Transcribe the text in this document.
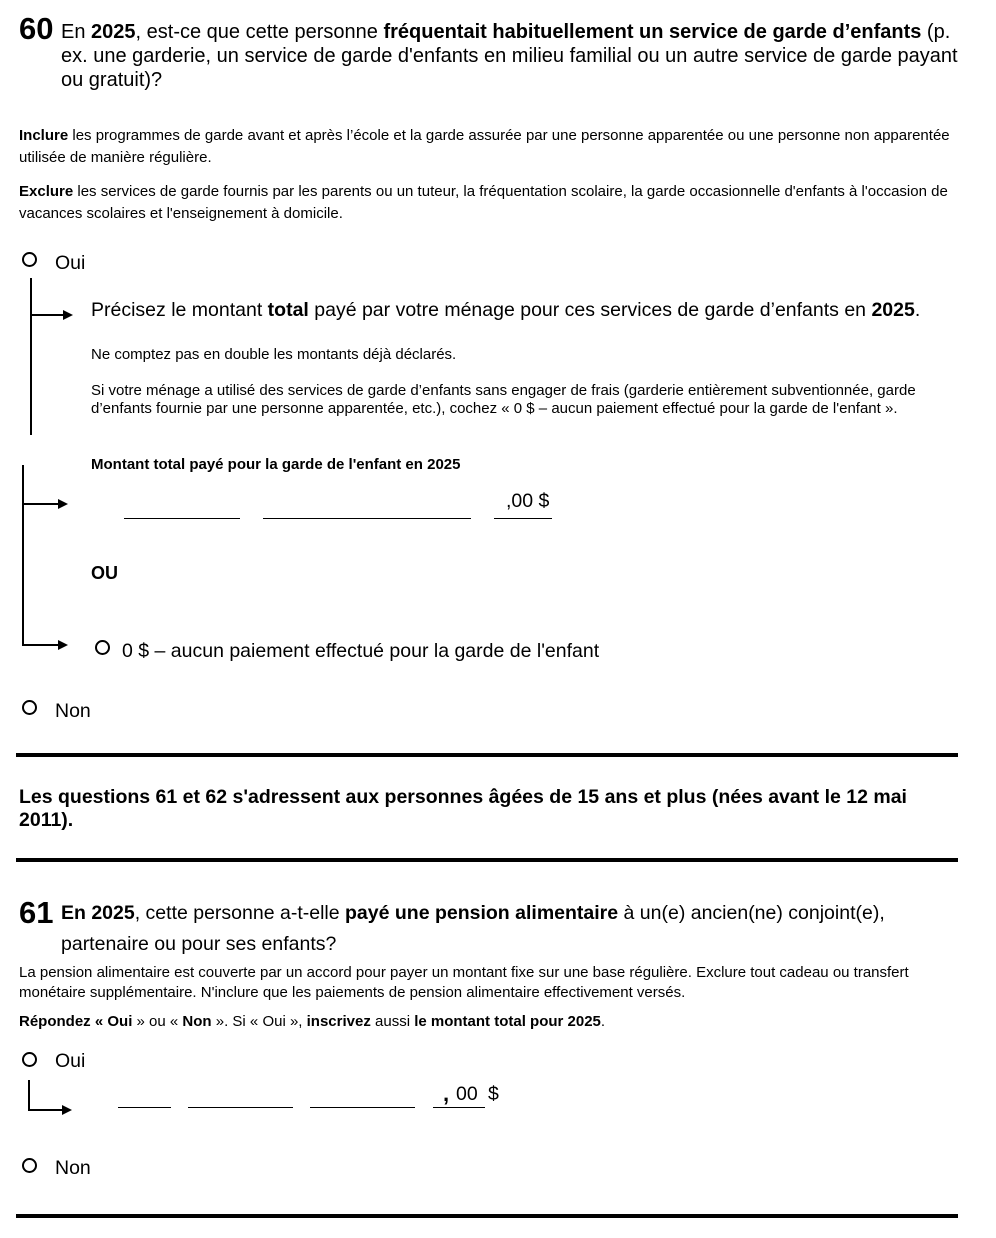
60 En 2025, est-ce que cette personne fréquentait habituellement un service de garde d’enfants (p. ex. une garderie, un service de garde d'enfants en milieu familial ou un autre service de garde payant ou gratuit)?
Inclure les programmes de garde avant et après l’école et la garde assurée par une personne apparentée ou une personne non apparentée utilisée de manière régulière.
Exclure les services de garde fournis par les parents ou un tuteur, la fréquentation scolaire, la garde occasionnelle d'enfants à l'occasion de vacances scolaires et l'enseignement à domicile.
Oui
Précisez le montant total payé par votre ménage pour ces services de garde d’enfants en 2025.
Ne comptez pas en double les montants déjà déclarés.
Si votre ménage a utilisé des services de garde d’enfants sans engager de frais (garderie entièrement subventionnée, garde d’enfants fournie par une personne apparentée, etc.), cochez « 0 $ – aucun paiement effectué pour la garde de l'enfant ».
Montant total payé pour la garde de l'enfant en 2025
,00 $
OU
0 $ – aucun paiement effectué pour la garde de l'enfant
Non
Les questions 61 et 62 s'adressent aux personnes âgées de 15 ans et plus (nées avant le 12 mai 2011).
61 En 2025, cette personne a-t-elle payé une pension alimentaire à un(e) ancien(ne) conjoint(e), partenaire ou pour ses enfants?
La pension alimentaire est couverte par un accord pour payer un montant fixe sur une base régulière. Exclure tout cadeau ou transfert monétaire supplémentaire. N'inclure que les paiements de pension alimentaire effectivement versés.
Répondez « Oui » ou « Non ». Si « Oui », inscrivez aussi le montant total pour 2025.
Oui
, 00 $
Non
